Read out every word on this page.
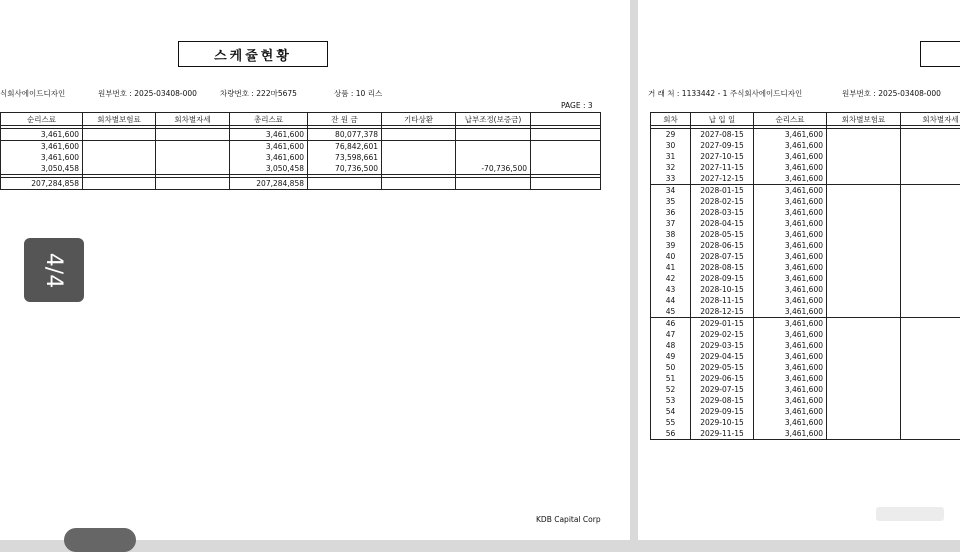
스케쥴현황
식회사에이드디자인	원부번호 : 2025-03408-000	차량번호 : 222마5675	상품 : 10 리스
PAGE : 3
순리스료	회차별보험료	회차별자세	총리스료	잔 원 금	기타상환	납부조정(보증금)	

3,461,600			3,461,600	80,077,378			
3,461,600			3,461,600	76,842,601			
3,461,600			3,461,600	73,598,661			
3,050,458			3,050,458	70,736,500		-70,736,500	

207,284,858			207,284,858				
KDB Capital Corp
거 래 처 : 1133442 - 1 주식회사에이드디자인	원부번호 : 2025-03408-000
회차	납 입 일	순리스료	회차별보험료	회차별자세

29	2027-08-15	3,461,600		
30	2027-09-15	3,461,600		
31	2027-10-15	3,461,600		
32	2027-11-15	3,461,600		
33	2027-12-15	3,461,600		
34	2028-01-15	3,461,600		
35	2028-02-15	3,461,600		
36	2028-03-15	3,461,600		
37	2028-04-15	3,461,600		
38	2028-05-15	3,461,600		
39	2028-06-15	3,461,600		
40	2028-07-15	3,461,600		
41	2028-08-15	3,461,600		
42	2028-09-15	3,461,600		
43	2028-10-15	3,461,600		
44	2028-11-15	3,461,600		
45	2028-12-15	3,461,600		
46	2029-01-15	3,461,600		
47	2029-02-15	3,461,600		
48	2029-03-15	3,461,600		
49	2029-04-15	3,461,600		
50	2029-05-15	3,461,600		
51	2029-06-15	3,461,600		
52	2029-07-15	3,461,600		
53	2029-08-15	3,461,600		
54	2029-09-15	3,461,600		
55	2029-10-15	3,461,600		
56	2029-11-15	3,461,600		
4/4
